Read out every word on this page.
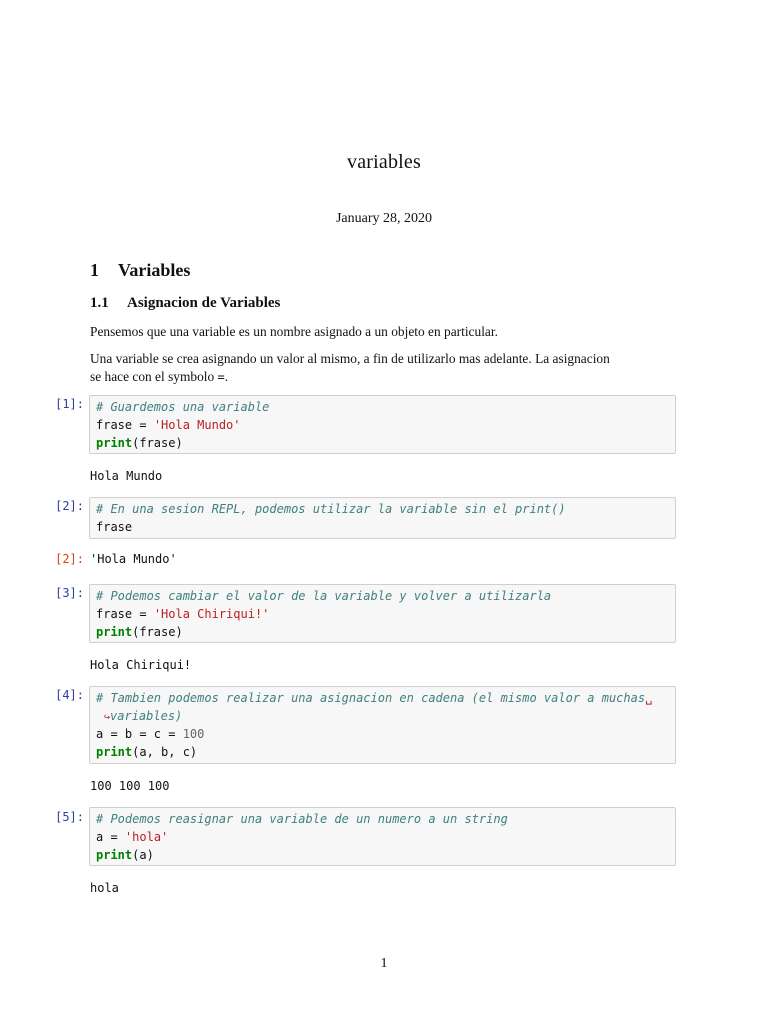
variables
January 28, 2020
1 Variables
1.1 Asignacion de Variables
Pensemos que una variable es un nombre asignado a un objeto en particular.
Una variable se crea asignando un valor al mismo, a fin de utilizarlo mas adelante. La asignacion
se hace con el symbolo =.
[1]: # Guardemos una variable
frase = 'Hola Mundo'
print(frase)
Hola Mundo
[2]: # En una sesion REPL, podemos utilizar la variable sin el print()
frase
[2]: 'Hola Mundo'
[3]: # Podemos cambiar el valor de la variable y volver a utilizarla
frase = 'Hola Chiriqui!'
print(frase)
Hola Chiriqui!
[4]: # Tambien podemos realizar una asignacion en cadena (el mismo valor a muchas␣
↪variables)
a = b = c = 100
print(a, b, c)
100 100 100
[5]: # Podemos reasignar una variable de un numero a un string
a = 'hola'
print(a)
hola
1
